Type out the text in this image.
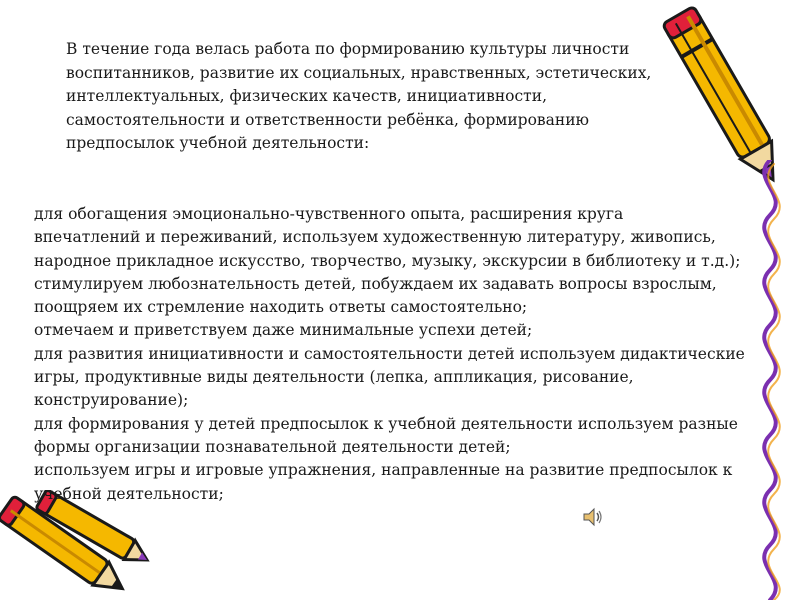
В течение года велась работа по формированию культуры личности
воспитанников, развитие их социальных, нравственных, эстетических,
интеллектуальных, физических качеств, инициативности,
самостоятельности и ответственности ребёнка, формированию
предпосылок учебной деятельности:
для обогащения эмоционально-чувственного опыта, расширения круга
впечатлений и переживаний, используем художественную литературу, живопись,
народное прикладное искусство, творчество, музыку, экскурсии в библиотеку и т.д.);
стимулируем любознательность детей, побуждаем их задавать вопросы взрослым,
поощряем их стремление находить ответы самостоятельно;
отмечаем и приветствуем даже минимальные успехи детей;
для развития инициативности и самостоятельности детей используем дидактические
игры, продуктивные виды деятельности (лепка, аппликация, рисование,
конструирование);
для формирования у детей предпосылок к учебной деятельности используем разные
формы организации познавательной деятельности детей;
используем игры и игровые упражнения, направленные на развитие предпосылок к
учебной деятельности;
